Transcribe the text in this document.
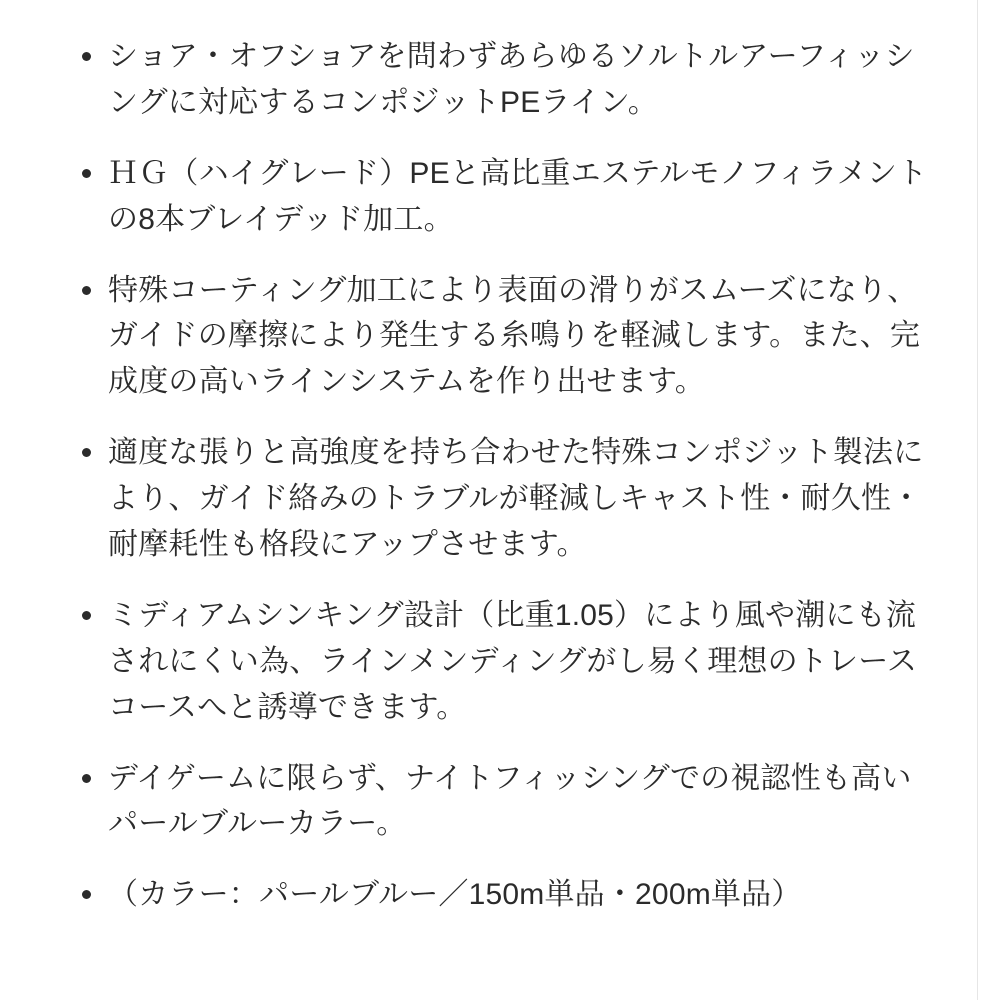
ショア・オフショアを問わずあらゆるソルトルアーフィッシングに対応するコンポジットPEライン。
ＨＧ（ハイグレード）PEと高比重エステルモノフィラメントの8本ブレイデッド加工。
特殊コーティング加工により表面の滑りがスムーズになり、ガイドの摩擦により発生する糸鳴りを軽減します。また、完成度の高いラインシステムを作り出せます。
適度な張りと高強度を持ち合わせた特殊コンポジット製法により、ガイド絡みのトラブルが軽減しキャスト性・耐久性・耐摩耗性も格段にアップさせます。
ミディアムシンキング設計（比重1.05）により風や潮にも流されにくい為、ラインメンディングがし易く理想のトレースコースへと誘導できます。
デイゲームに限らず、ナイトフィッシングでの視認性も高いパールブルーカラー。
（カラー：パールブルー／150m単品・200m単品）
